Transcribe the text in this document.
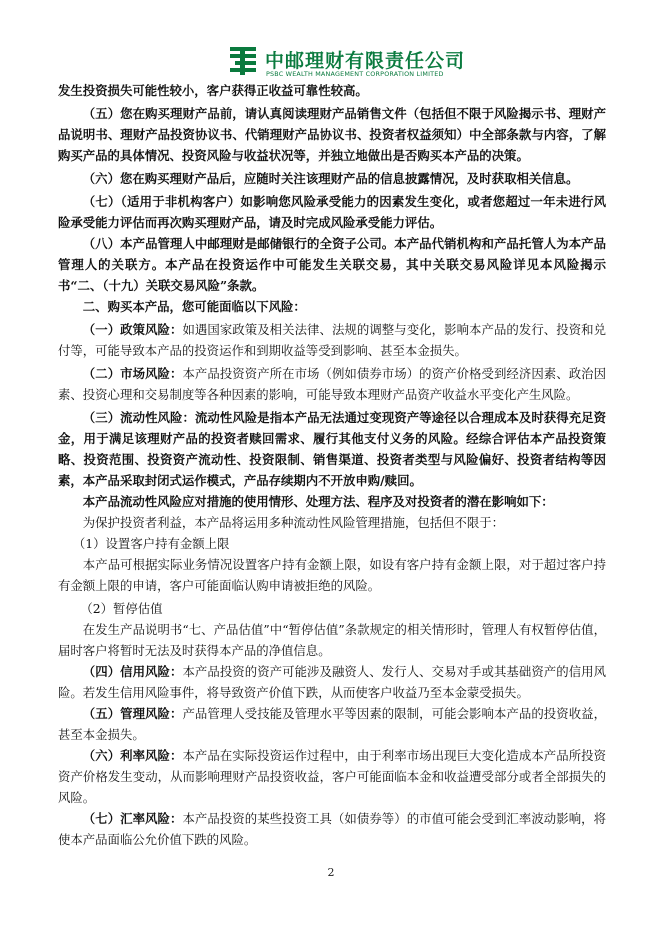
中邮理财有限责任公司
PSBC WEALTH MANAGEMENT CORPORATION LIMITED

发生投资损失可能性较小，客户获得正收益可靠性较高。

（五）您在购买理财产品前，请认真阅读理财产品销售文件（包括但不限于风险揭示书、理财产品说明书、理财产品投资协议书、代销理财产品协议书、投资者权益须知）中全部条款与内容，了解购买产品的具体情况、投资风险与收益状况等，并独立地做出是否购买本产品的决策。

（六）您在购买理财产品后，应随时关注该理财产品的信息披露情况，及时获取相关信息。

（七）（适用于非机构客户）如影响您风险承受能力的因素发生变化，或者您超过一年未进行风险承受能力评估而再次购买理财产品，请及时完成风险承受能力评估。

（八）本产品管理人中邮理财是邮储银行的全资子公司。本产品代销机构和产品托管人为本产品管理人的关联方。本产品在投资运作中可能发生关联交易，其中关联交易风险详见本风险揭示书“二、（十九）关联交易风险”条款。

二、购买本产品，您可能面临以下风险：

（一）政策风险：如遇国家政策及相关法律、法规的调整与变化，影响本产品的发行、投资和兑付等，可能导致本产品的投资运作和到期收益等受到影响、甚至本金损失。

（二）市场风险：本产品投资资产所在市场（例如债券市场）的资产价格受到经济因素、政治因素、投资心理和交易制度等各种因素的影响，可能导致本理财产品资产收益水平变化产生风险。

（三）流动性风险：流动性风险是指本产品无法通过变现资产等途径以合理成本及时获得充足资金，用于满足该理财产品的投资者赎回需求、履行其他支付义务的风险。经综合评估本产品投资策略、投资范围、投资资产流动性、投资限制、销售渠道、投资者类型与风险偏好、投资者结构等因素，本产品采取封闭式运作模式，产品存续期内不开放申购/赎回。

本产品流动性风险应对措施的使用情形、处理方法、程序及对投资者的潜在影响如下：

为保护投资者利益，本产品将运用多种流动性风险管理措施，包括但不限于：

（1）设置客户持有金额上限

本产品可根据实际业务情况设置客户持有金额上限，如设有客户持有金额上限，对于超过客户持有金额上限的申请，客户可能面临认购申请被拒绝的风险。

（2）暂停估值

在发生产品说明书“七、产品估值”中“暂停估值”条款规定的相关情形时，管理人有权暂停估值，届时客户将暂时无法及时获得本产品的净值信息。

（四）信用风险：本产品投资的资产可能涉及融资人、发行人、交易对手或其基础资产的信用风险。若发生信用风险事件，将导致资产价值下跌，从而使客户收益乃至本金蒙受损失。

（五）管理风险：产品管理人受技能及管理水平等因素的限制，可能会影响本产品的投资收益，甚至本金损失。

（六）利率风险：本产品在实际投资运作过程中，由于利率市场出现巨大变化造成本产品所投资资产价格发生变动，从而影响理财产品投资收益，客户可能面临本金和收益遭受部分或者全部损失的风险。

（七）汇率风险：本产品投资的某些投资工具（如债券等）的市值可能会受到汇率波动影响，将使本产品面临公允价值下跌的风险。

2
